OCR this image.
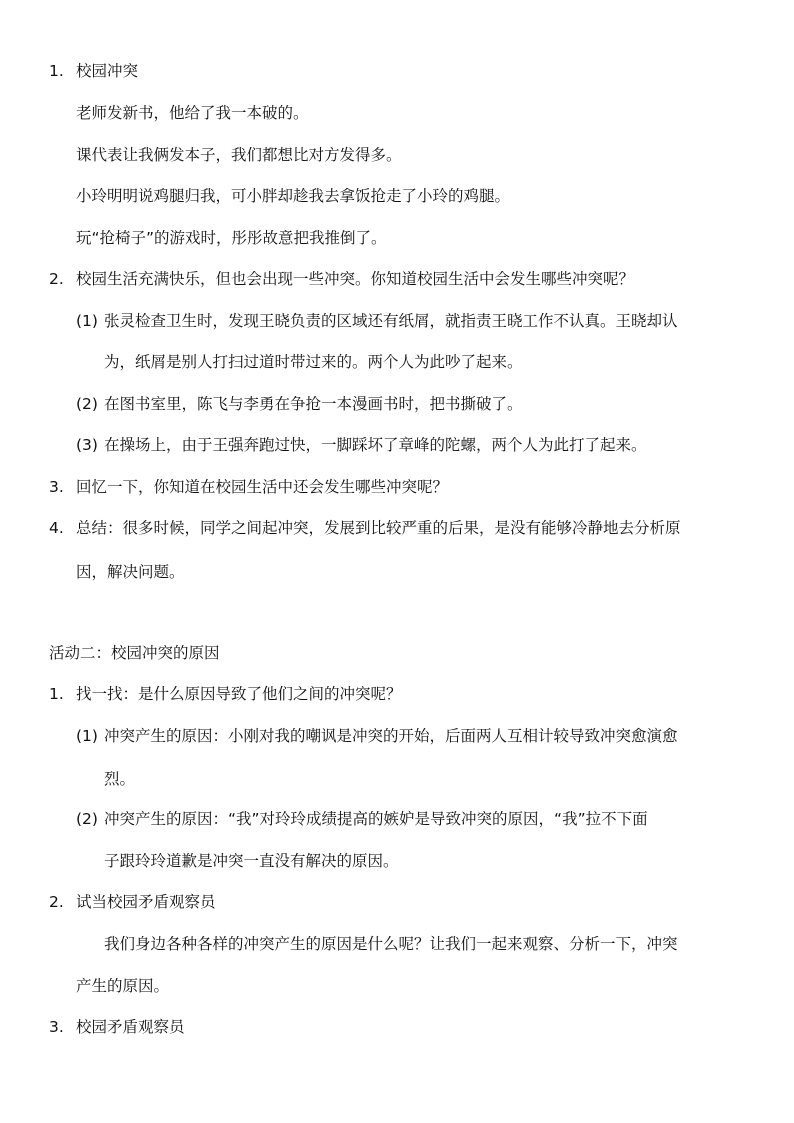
1. 校园冲突
老师发新书，他给了我一本破的。
课代表让我俩发本子，我们都想比对方发得多。
小玲明明说鸡腿归我，可小胖却趁我去拿饭抢走了小玲的鸡腿。
玩“抢椅子”的游戏时，彤彤故意把我推倒了。
2. 校园生活充满快乐，但也会出现一些冲突。你知道校园生活中会发生哪些冲突呢？
(1) 张灵检查卫生时，发现王晓负责的区域还有纸屑，就指责王晓工作不认真。王晓却认
为，纸屑是别人打扫过道时带过来的。两个人为此吵了起来。
(2) 在图书室里，陈飞与李勇在争抢一本漫画书时，把书撕破了。
(3) 在操场上，由于王强奔跑过快，一脚踩坏了章峰的陀螺，两个人为此打了起来。
3. 回忆一下，你知道在校园生活中还会发生哪些冲突呢？
4. 总结：很多时候，同学之间起冲突，发展到比较严重的后果，是没有能够冷静地去分析原
因，解决问题。
活动二：校园冲突的原因
1. 找一找：是什么原因导致了他们之间的冲突呢？
(1) 冲突产生的原因：小刚对我的嘲讽是冲突的开始，后面两人互相计较导致冲突愈演愈
烈。
(2) 冲突产生的原因：“我”对玲玲成绩提高的嫉妒是导致冲突的原因，“我”拉不下面
子跟玲玲道歉是冲突一直没有解决的原因。
2. 试当校园矛盾观察员
我们身边各种各样的冲突产生的原因是什么呢？让我们一起来观察、分析一下，冲突
产生的原因。
3. 校园矛盾观察员
